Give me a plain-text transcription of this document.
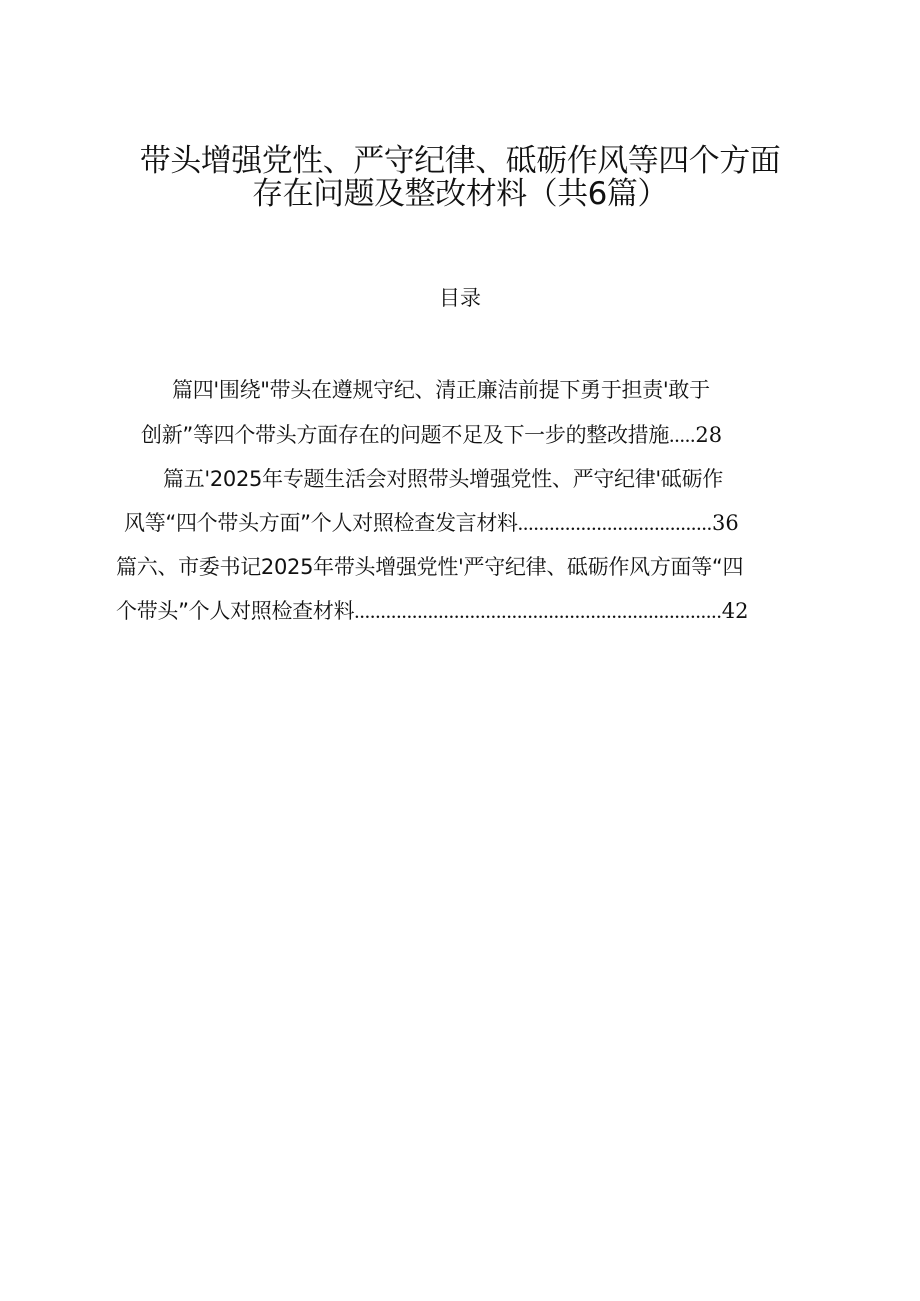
带头增强党性、严守纪律、砥砺作风等四个方面
存在问题及整改材料（共6篇）
目录
篇四'围绕"带头在遵规守纪、清正廉洁前提下勇于担责'敢于
创新”等四个带头方面存在的问题不足及下一步的整改措施.....28
篇五'2025年专题生活会对照带头增强党性、严守纪律'砥砺作
风等“四个带头方面”个人对照检查发言材料.....................................36
篇六、市委书记2025年带头增强党性'严守纪律、砥砺作风方面等“四
个带头”个人对照检查材料......................................................................42
